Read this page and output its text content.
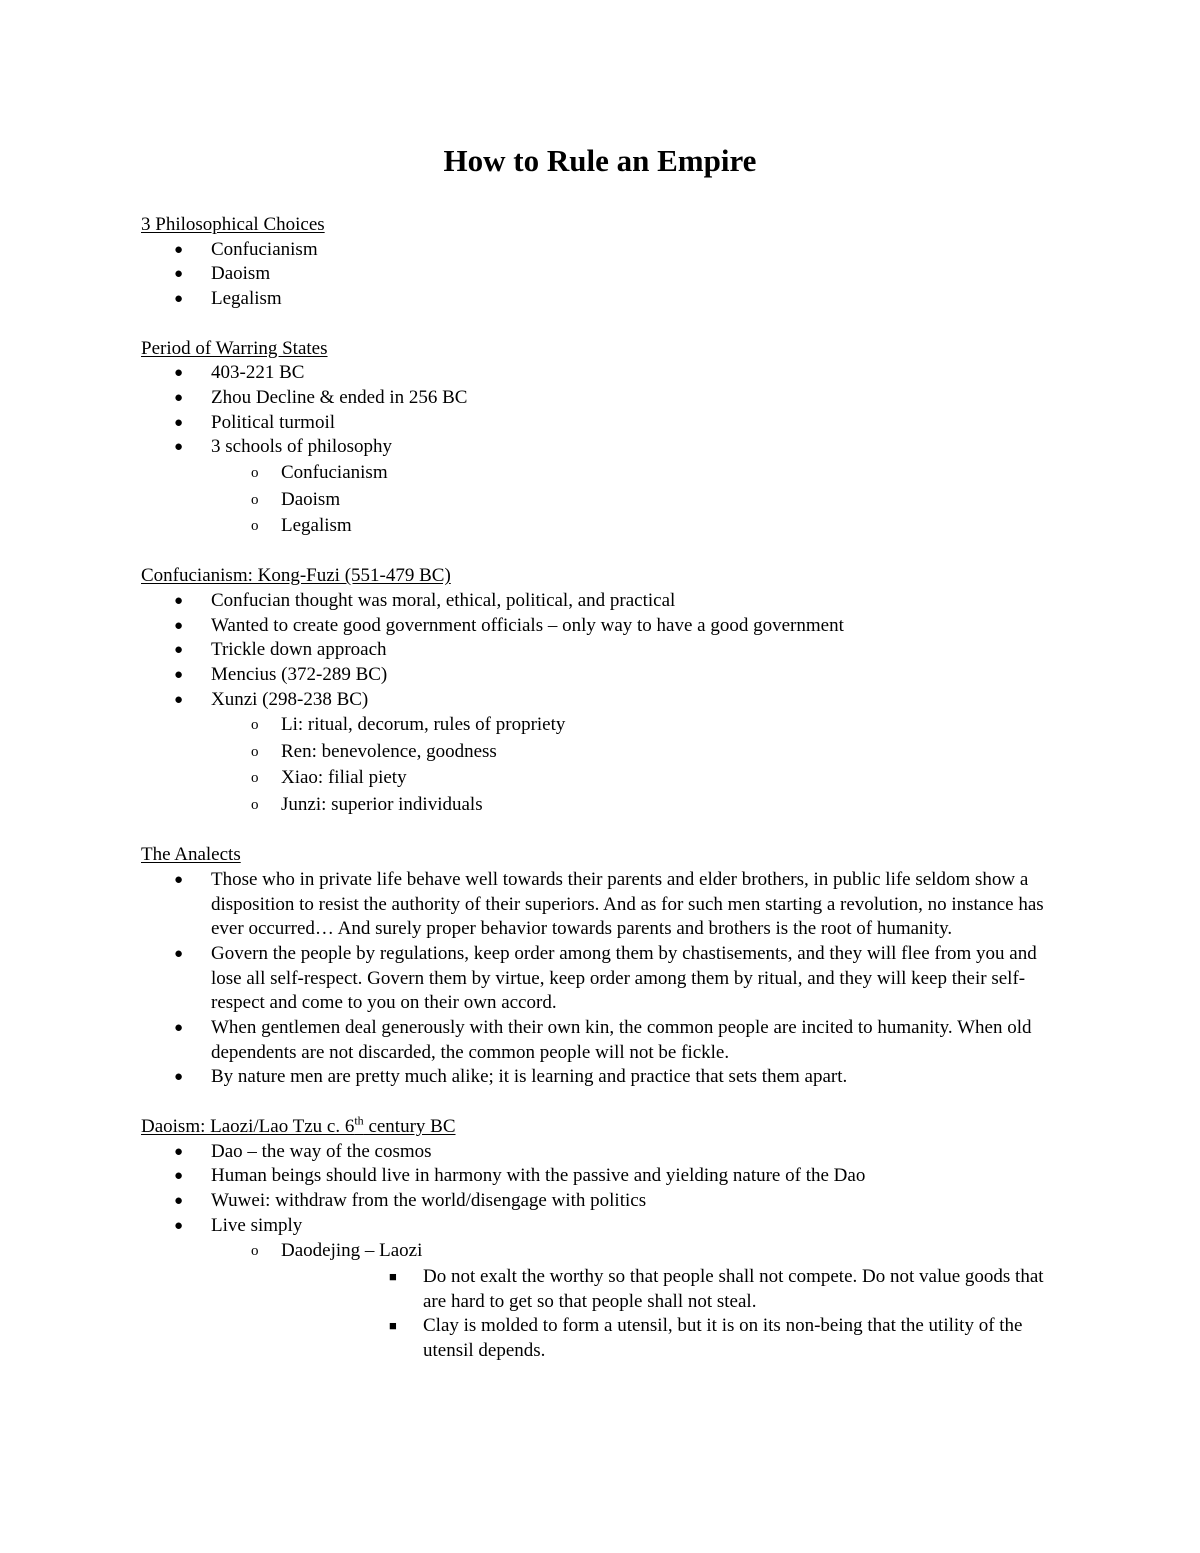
How to Rule an Empire
3 Philosophical Choices
● Confucianism
● Daoism
● Legalism
Period of Warring States
● 403-221 BC
● Zhou Decline & ended in 256 BC
● Political turmoil
● 3 schools of philosophy
o Confucianism
o Daoism
o Legalism
Confucianism: Kong-Fuzi (551-479 BC)
● Confucian thought was moral, ethical, political, and practical
● Wanted to create good government officials – only way to have a good government
● Trickle down approach
● Mencius (372-289 BC)
● Xunzi (298-238 BC)
o Li: ritual, decorum, rules of propriety
o Ren: benevolence, goodness
o Xiao: filial piety
o Junzi: superior individuals
The Analects
● Those who in private life behave well towards their parents and elder brothers, in public life seldom show a disposition to resist the authority of their superiors. And as for such men starting a revolution, no instance has ever occurred… And surely proper behavior towards parents and brothers is the root of humanity.
● Govern the people by regulations, keep order among them by chastisements, and they will flee from you and lose all self-respect. Govern them by virtue, keep order among them by ritual, and they will keep their self-respect and come to you on their own accord.
● When gentlemen deal generously with their own kin, the common people are incited to humanity. When old dependents are not discarded, the common people will not be fickle.
● By nature men are pretty much alike; it is learning and practice that sets them apart.
Daoism: Laozi/Lao Tzu c. 6th century BC
● Dao – the way of the cosmos
● Human beings should live in harmony with the passive and yielding nature of the Dao
● Wuwei: withdraw from the world/disengage with politics
● Live simply
o Daodejing – Laozi
■ Do not exalt the worthy so that people shall not compete. Do not value goods that are hard to get so that people shall not steal.
■ Clay is molded to form a utensil, but it is on its non-being that the utility of the utensil depends.
